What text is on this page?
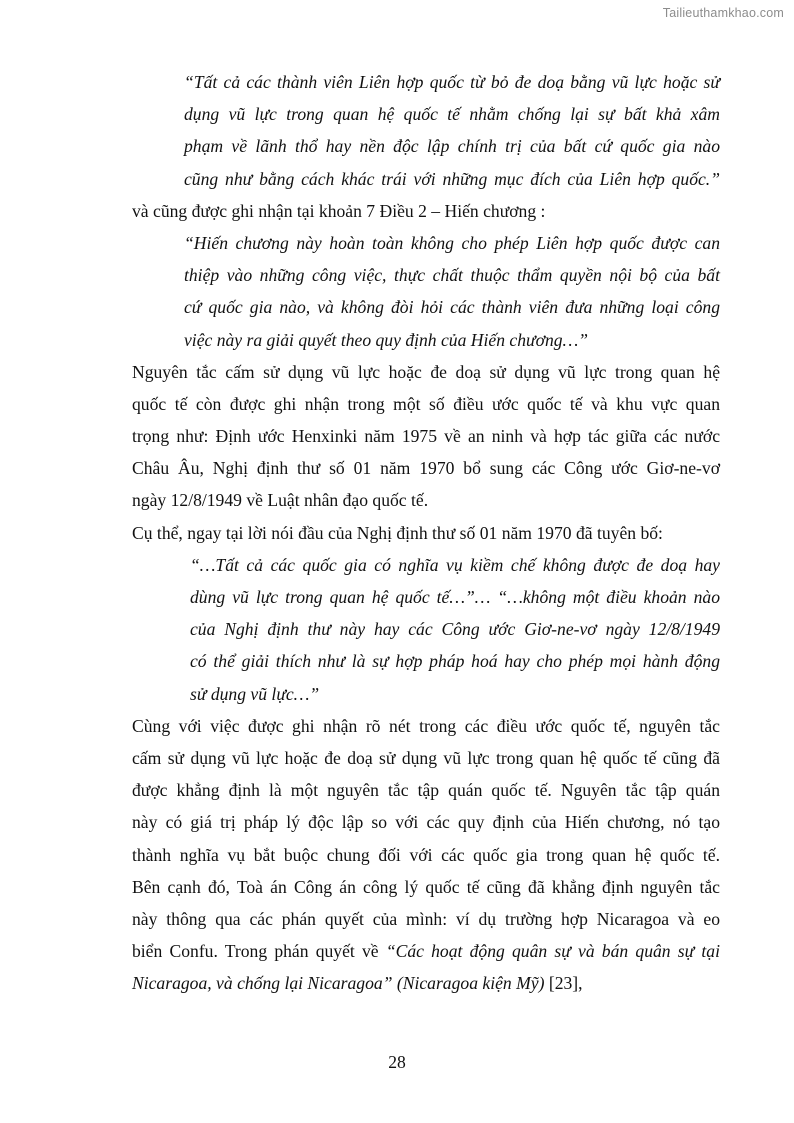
Tailieuthamkhao.com
“Tất cả các thành viên Liên hợp quốc từ bỏ đe doạ bằng vũ lực hoặc sử
dụng vũ lực trong quan hệ quốc tế nhằm chống lại sự bất khả xâm
phạm về lãnh thổ hay nền độc lập chính trị của bất cứ quốc gia nào
cũng như bằng cách khác trái với những mục đích của Liên hợp quốc.”
và cũng được ghi nhận tại khoản 7 Điều 2 – Hiến chương :
“Hiến chương này hoàn toàn không cho phép Liên hợp quốc được can
thiệp vào những công việc, thực chất thuộc thẩm quyền nội bộ của bất
cứ quốc gia nào, và không đòi hỏi các thành viên đưa những loại công
việc này ra giải quyết theo quy định của Hiến chương…”
Nguyên tắc cấm sử dụng vũ lực hoặc đe doạ sử dụng vũ lực trong quan hệ
quốc tế còn được ghi nhận trong một số điều ước quốc tế và khu vực quan
trọng như: Định ước Henxinki năm 1975 về an ninh và hợp tác giữa các nước
Châu Âu, Nghị định thư số 01 năm 1970 bổ sung các Công ước Giơ-ne-vơ
ngày 12/8/1949 về Luật nhân đạo quốc tế.
Cụ thể, ngay tại lời nói đầu của Nghị định thư số 01 năm 1970 đã tuyên bố:
“…Tất cả các quốc gia có nghĩa vụ kiềm chế không được đe doạ hay
dùng vũ lực trong quan hệ quốc tế…”… “…không một điều khoản nào
của Nghị định thư này hay các Công ước Giơ-ne-vơ ngày 12/8/1949
có thể giải thích như là sự hợp pháp hoá hay cho phép mọi hành động
sử dụng vũ lực…”
Cùng với việc được ghi nhận rõ nét trong các điều ước quốc tế, nguyên tắc
cấm sử dụng vũ lực hoặc đe doạ sử dụng vũ lực trong quan hệ quốc tế cũng đã
được khẳng định là một nguyên tắc tập quán quốc tế. Nguyên tắc tập quán
này có giá trị pháp lý độc lập so với các quy định của Hiến chương, nó tạo
thành nghĩa vụ bắt buộc chung đối với các quốc gia trong quan hệ quốc tế.
Bên cạnh đó, Toà án Công án công lý quốc tế cũng đã khẳng định nguyên tắc
này thông qua các phán quyết của mình: ví dụ trường hợp Nicaragoa và eo
biển Confu. Trong phán quyết về “Các hoạt động quân sự và bán quân sự tại
Nicaragoa, và chống lại Nicaragoa” (Nicaragoa kiện Mỹ) [23],
28
